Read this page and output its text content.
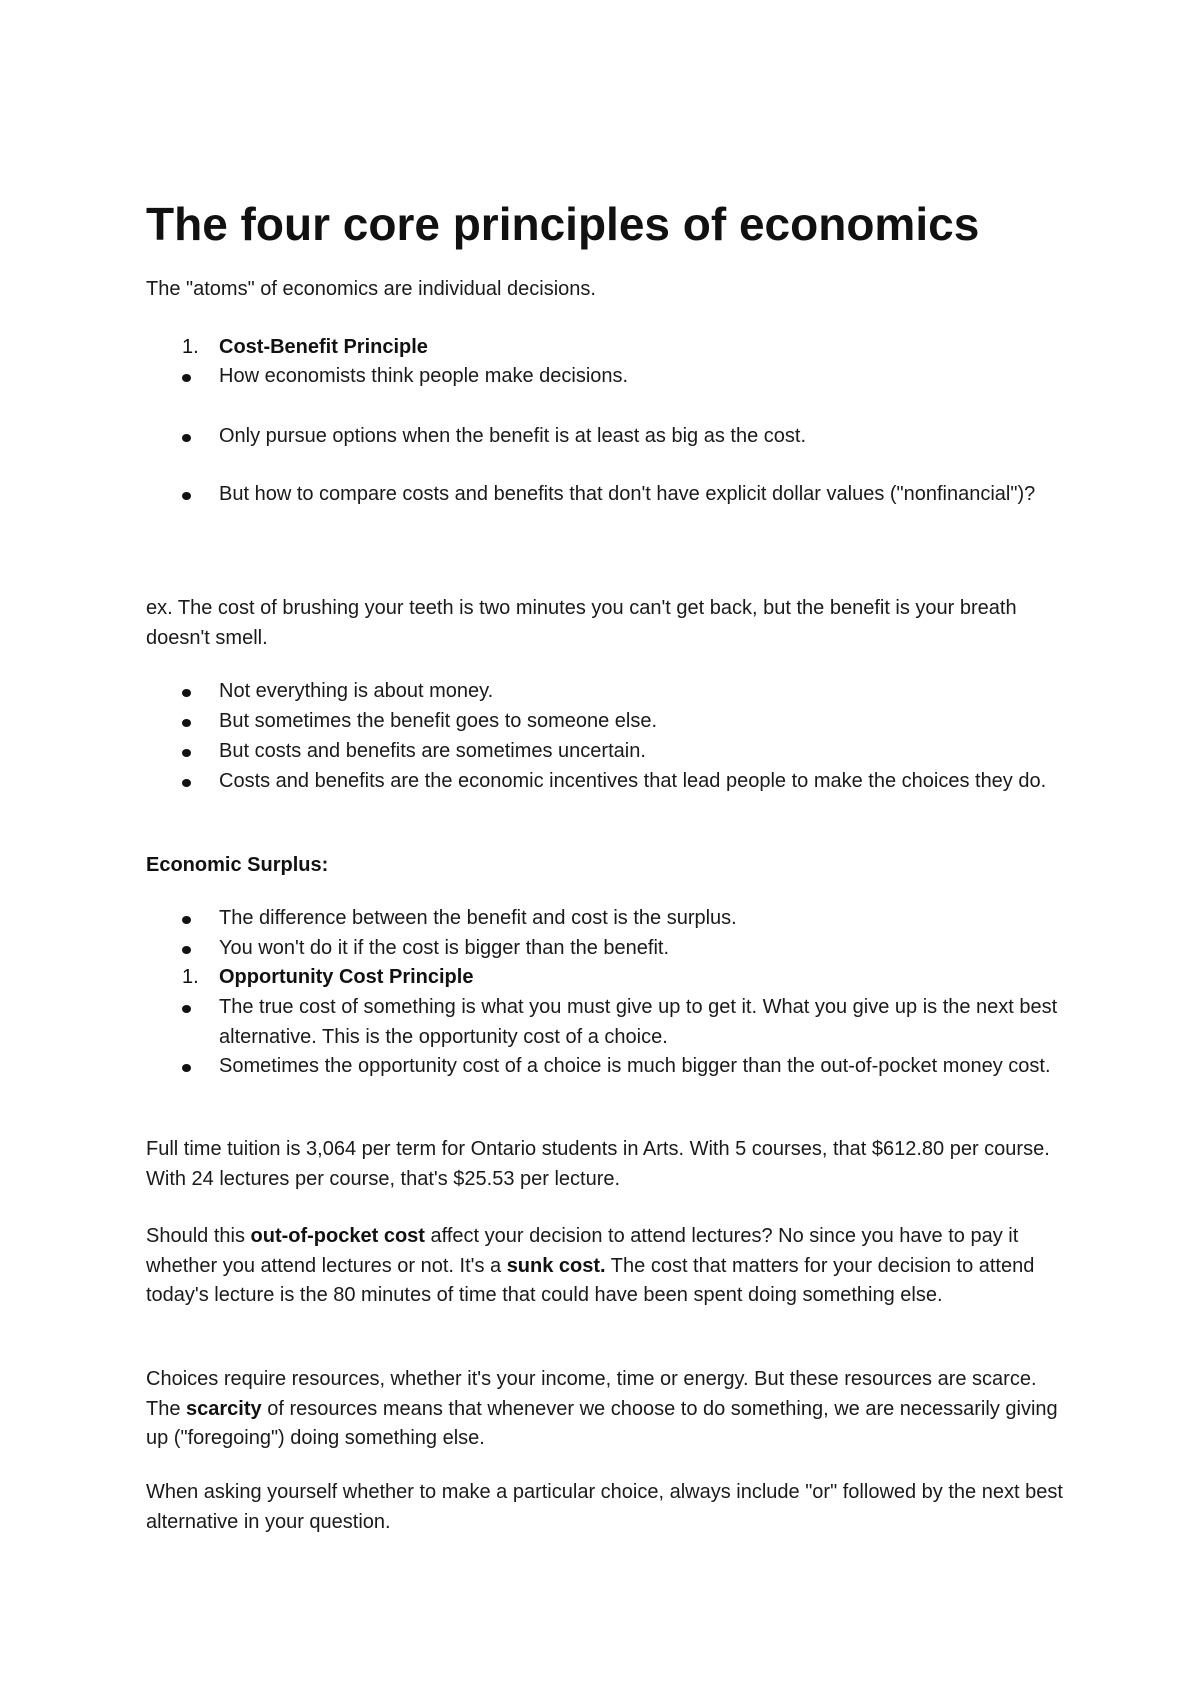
The four core principles of economics

The "atoms" of economics are individual decisions.

1. Cost-Benefit Principle
How economists think people make decisions.
Only pursue options when the benefit is at least as big as the cost.
But how to compare costs and benefits that don't have explicit dollar values ("nonfinancial")?

ex. The cost of brushing your teeth is two minutes you can't get back, but the benefit is your breath doesn't smell.

Not everything is about money.
But sometimes the benefit goes to someone else.
But costs and benefits are sometimes uncertain.
Costs and benefits are the economic incentives that lead people to make the choices they do.

Economic Surplus:

The difference between the benefit and cost is the surplus.
You won't do it if the cost is bigger than the benefit.
1. Opportunity Cost Principle
The true cost of something is what you must give up to get it. What you give up is the next best alternative. This is the opportunity cost of a choice.
Sometimes the opportunity cost of a choice is much bigger than the out-of-pocket money cost.

Full time tuition is 3,064 per term for Ontario students in Arts. With 5 courses, that $612.80 per course. With 24 lectures per course, that's $25.53 per lecture.

Should this out-of-pocket cost affect your decision to attend lectures? No since you have to pay it whether you attend lectures or not. It's a sunk cost. The cost that matters for your decision to attend today's lecture is the 80 minutes of time that could have been spent doing something else.

Choices require resources, whether it's your income, time or energy. But these resources are scarce. The scarcity of resources means that whenever we choose to do something, we are necessarily giving up ("foregoing") doing something else.

When asking yourself whether to make a particular choice, always include "or" followed by the next best alternative in your question.
